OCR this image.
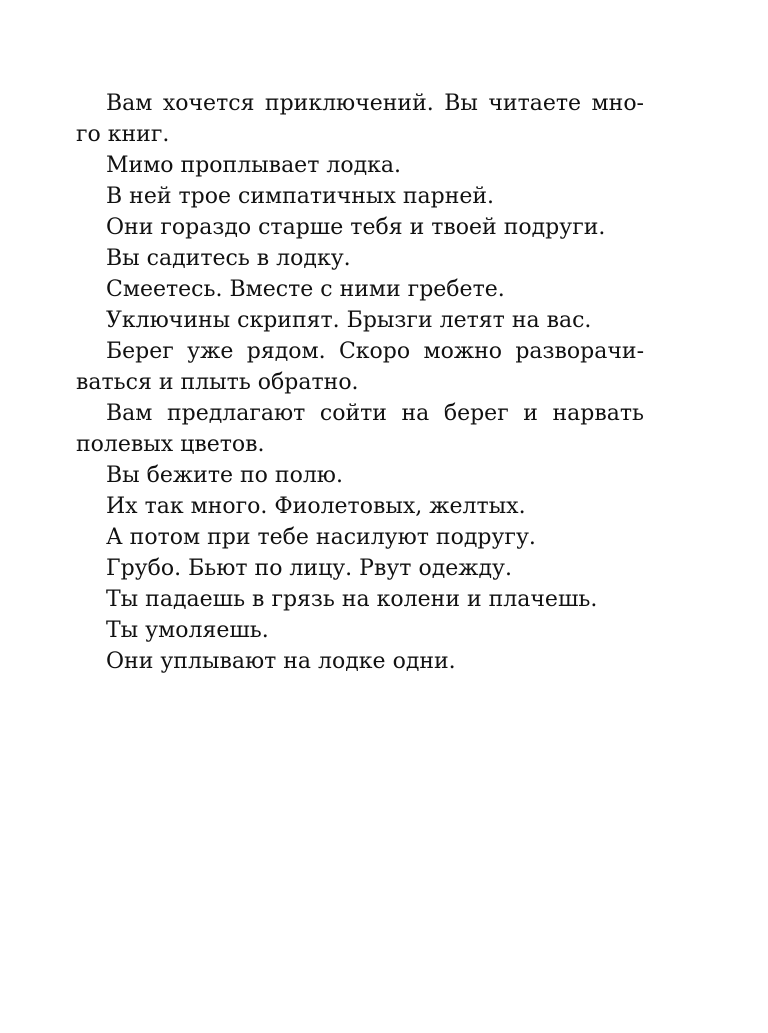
Вам хочется приключений. Вы читаете мно-го книг.

Мимо проплывает лодка.

В ней трое симпатичных парней.

Они гораздо старше тебя и твоей подруги.

Вы садитесь в лодку.

Смеетесь. Вместе с ними гребете.

Уключины скрипят. Брызги летят на вас.

Берег уже рядом. Скоро можно разворачи-ваться и плыть обратно.

Вам предлагают сойти на берег и нарвать полевых цветов.

Вы бежите по полю.

Их так много. Фиолетовых, желтых.

А потом при тебе насилуют подругу.

Грубо. Бьют по лицу. Рвут одежду.

Ты падаешь в грязь на колени и плачешь.

Ты умоляешь.

Они уплывают на лодке одни.
